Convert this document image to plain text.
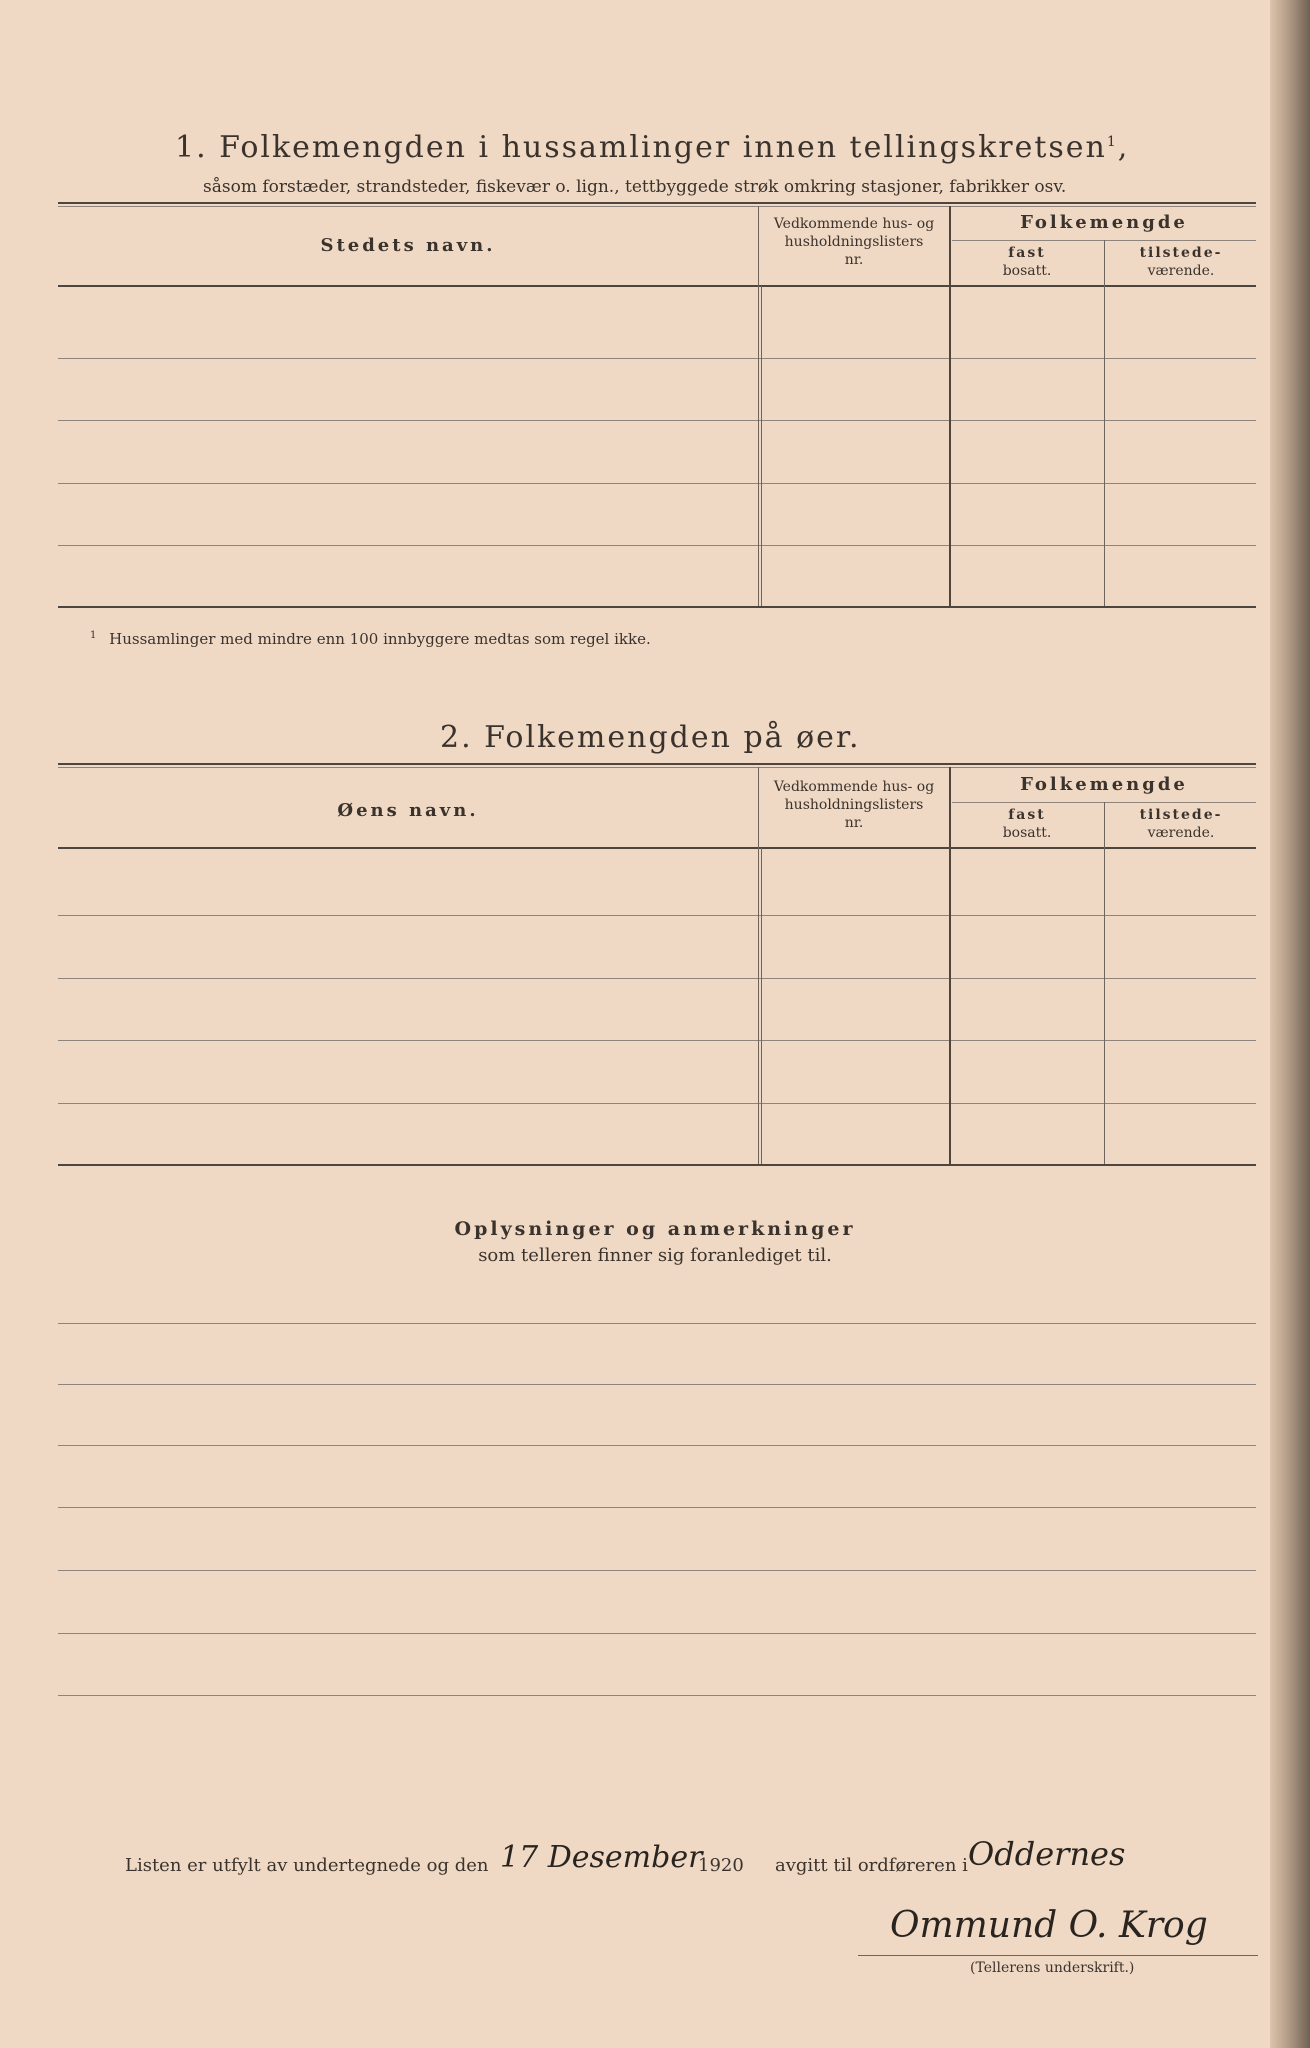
1. Folkemengden i hussamlinger innen tellingskretsen$^1$,
såsom forstæder, strandsteder, fiskevær o. lign., tettbyggede strøk omkring stasjoner, fabrikker osv.
Stedets navn.
Vedkommende hus- og
husholdningslisters
nr.
Folkemengde
fast
bosatt.
tilstede-
værende.
$^1$ Hussamlinger med mindre enn 100 innbyggere medtas som regel ikke.
2. Folkemengden på øer.
Øens navn.
Vedkommende hus- og
husholdningslisters
nr.
Folkemengde
fast
bosatt.
tilstede-
værende.
Oplysninger og anmerkninger
som telleren finner sig foranlediget til.
Listen er utfylt av undertegnede og den 17 Desember
1920 avgitt til ordføreren i Oddernes
Ommund O. Krog
(Tellerens underskrift.)
